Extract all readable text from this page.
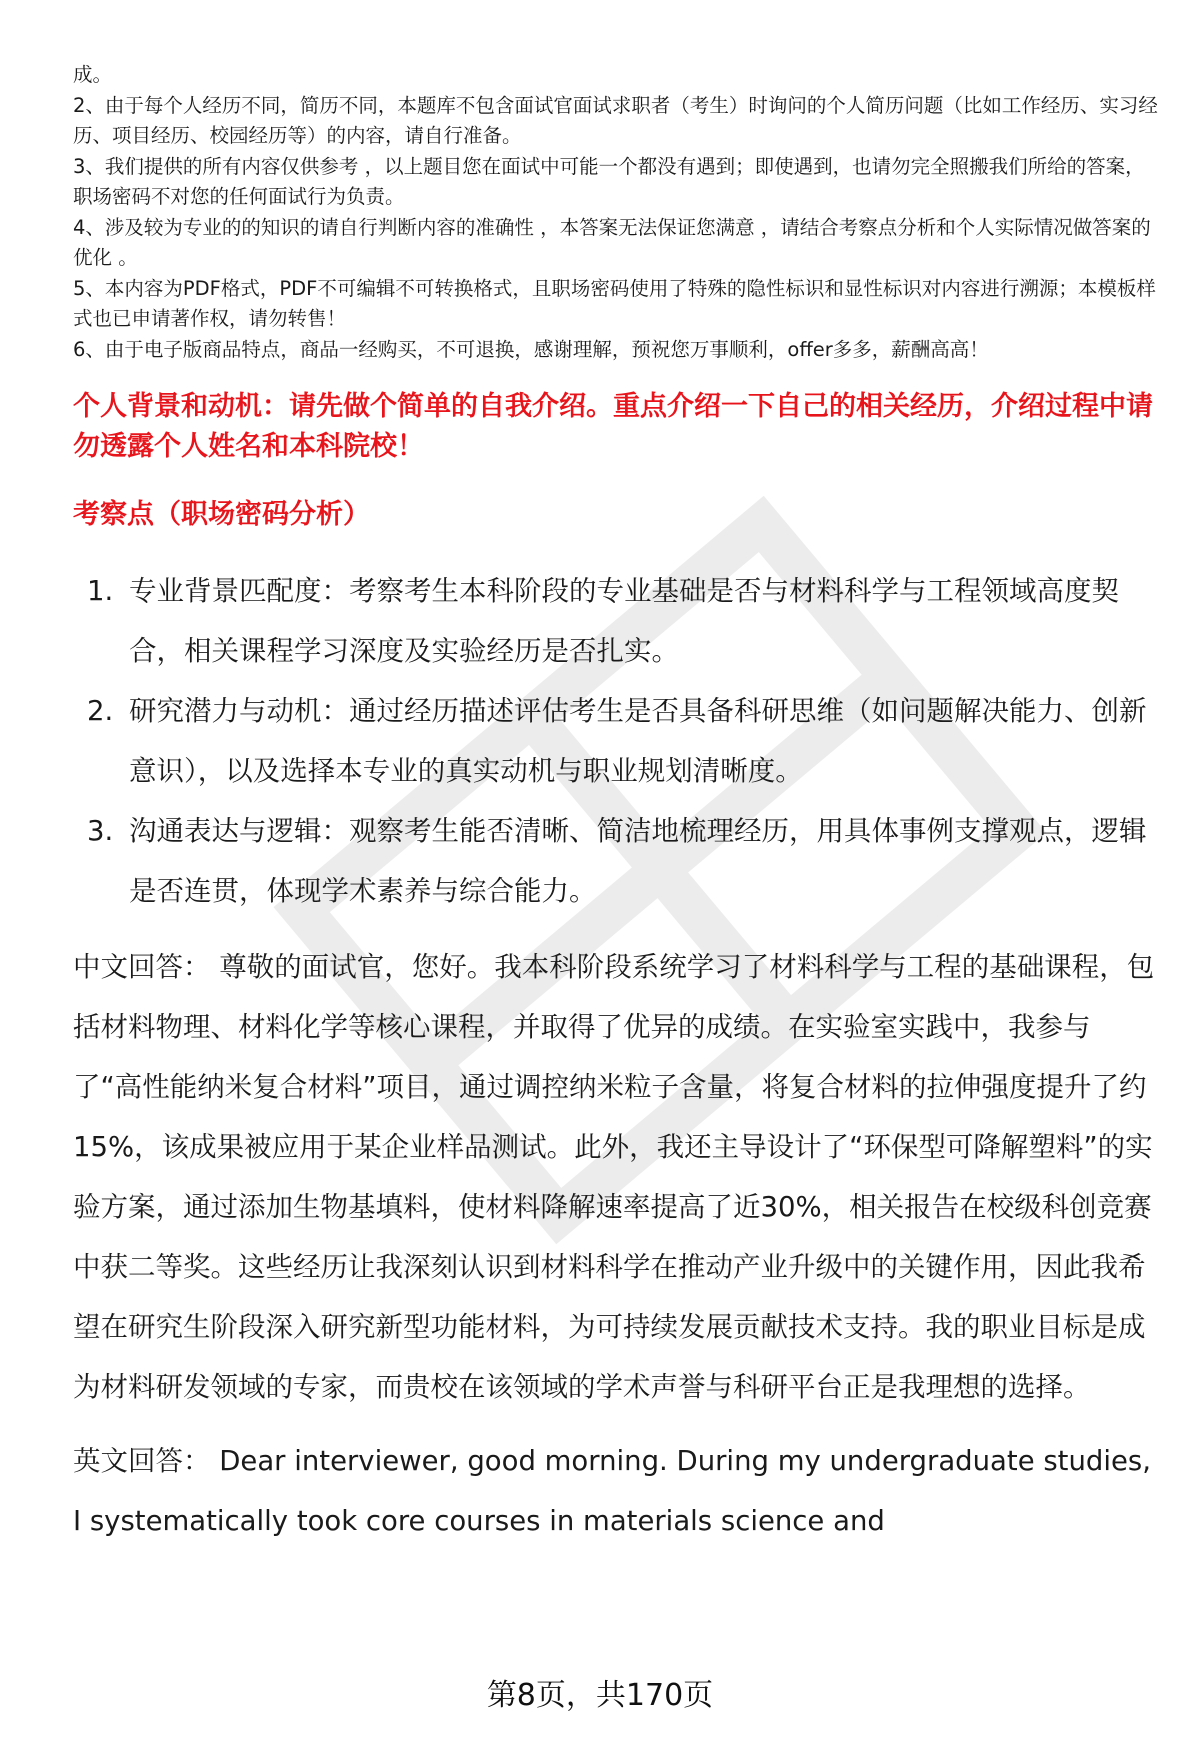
成。

2、由于每个人经历不同，简历不同，本题库不包含面试官面试求职者（考生）时询问的个人简历问题（比如工作经历、实习经历、项目经历、校园经历等）的内容，请自行准备。

3、我们提供的所有内容仅供参考 ，以上题目您在面试中可能一个都没有遇到；即使遇到，也请勿完全照搬我们所给的答案，职场密码不对您的任何面试行为负责。

4、涉及较为专业的的知识的请自行判断内容的准确性 ，本答案无法保证您满意 ，请结合考察点分析和个人实际情况做答案的优化 。

5、本内容为PDF格式，PDF不可编辑不可转换格式，且职场密码使用了特殊的隐性标识和显性标识对内容进行溯源；本模板样式也已申请著作权，请勿转售！

6、由于电子版商品特点，商品一经购买，不可退换，感谢理解，预祝您万事顺利，offer多多，薪酬高高！

个人背景和动机：请先做个简单的自我介绍。重点介绍一下自己的相关经历，介绍过程中请勿透露个人姓名和本科院校！
考察点（职场密码分析）
1. 专业背景匹配度：考察考生本科阶段的专业基础是否与材料科学与工程领域高度契合，相关课程学习深度及实验经历是否扎实。
2. 研究潜力与动机：通过经历描述评估考生是否具备科研思维（如问题解决能力、创新意识），以及选择本专业的真实动机与职业规划清晰度。
3. 沟通表达与逻辑：观察考生能否清晰、简洁地梳理经历，用具体事例支撑观点，逻辑是否连贯，体现学术素养与综合能力。

中文回答： 尊敬的面试官，您好。我本科阶段系统学习了材料科学与工程的基础课程，包括材料物理、材料化学等核心课程，并取得了优异的成绩。在实验室实践中，我参与了“高性能纳米复合材料”项目，通过调控纳米粒子含量，将复合材料的拉伸强度提升了约15%，该成果被应用于某企业样品测试。此外，我还主导设计了“环保型可降解塑料”的实验方案，通过添加生物基填料，使材料降解速率提高了近30%，相关报告在校级科创竞赛中获二等奖。这些经历让我深刻认识到材料科学在推动产业升级中的关键作用，因此我希望在研究生阶段深入研究新型功能材料，为可持续发展贡献技术支持。我的职业目标是成为材料研发领域的专家，而贵校在该领域的学术声誉与科研平台正是我理想的选择。

英文回答： Dear interviewer, good morning. During my undergraduate studies, I systematically took core courses in materials science and

第8页，共170页
